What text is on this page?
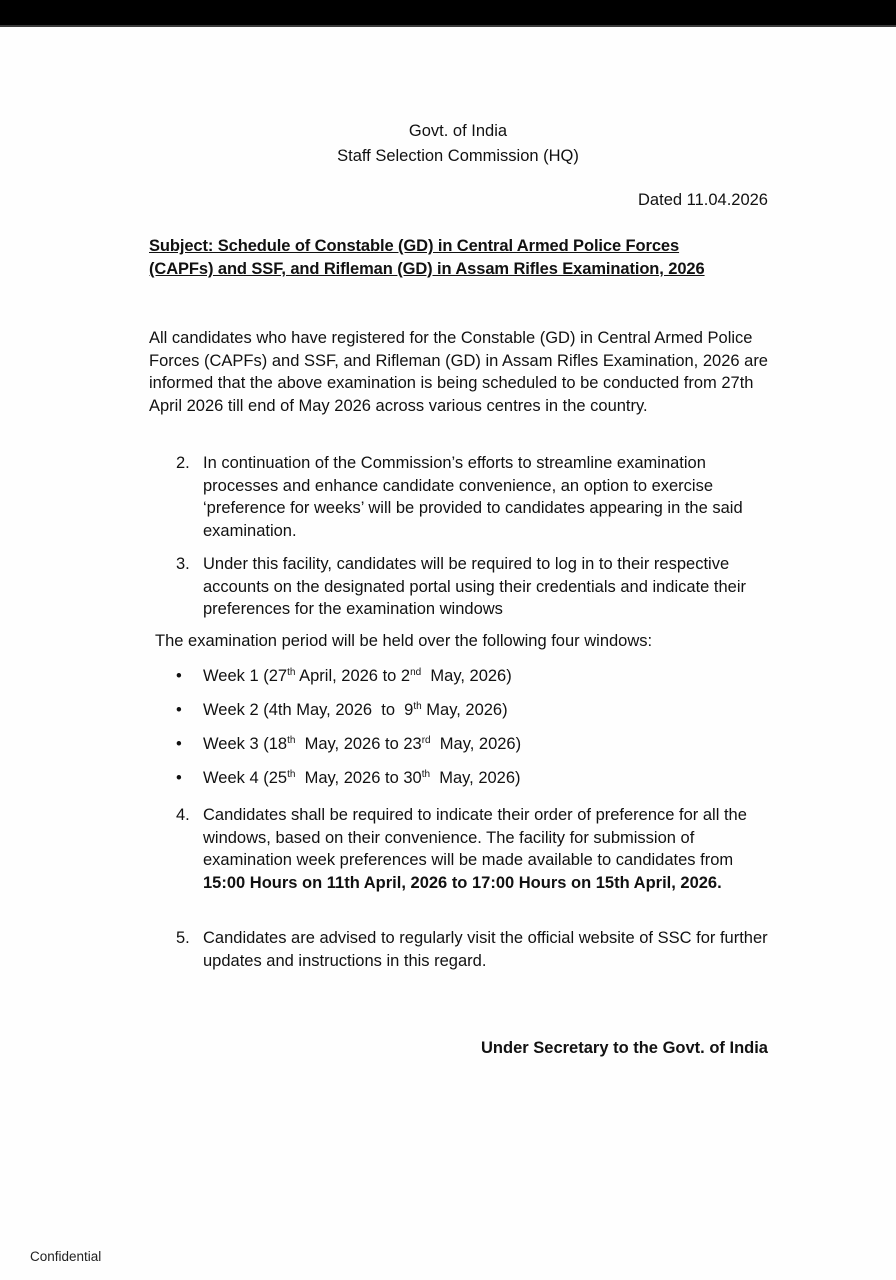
Govt. of India
Staff Selection Commission (HQ)
Dated 11.04.2026
Subject: Schedule of Constable (GD) in Central Armed Police Forces
(CAPFs) and SSF, and Rifleman (GD) in Assam Rifles Examination, 2026
All candidates who have registered for the Constable (GD) in Central Armed Police Forces (CAPFs) and SSF, and Rifleman (GD) in Assam Rifles Examination, 2026 are informed that the above examination is being scheduled to be conducted from 27th April 2026 till end of May 2026 across various centres in the country.
2. In continuation of the Commission’s efforts to streamline examination processes and enhance candidate convenience, an option to exercise ‘preference for weeks’ will be provided to candidates appearing in the said examination.
3. Under this facility, candidates will be required to log in to their respective accounts on the designated portal using their credentials and indicate their preferences for the examination windows
The examination period will be held over the following four windows:
• Week 1 (27th April, 2026 to 2nd  May, 2026)
• Week 2 (4th May, 2026  to  9th May, 2026)
• Week 3 (18th  May, 2026 to 23rd  May, 2026)
• Week 4 (25th  May, 2026 to 30th  May, 2026)
4. Candidates shall be required to indicate their order of preference for all the windows, based on their convenience. The facility for submission of examination week preferences will be made available to candidates from 15:00 Hours on 11th April, 2026 to 17:00 Hours on 15th April, 2026.
5. Candidates are advised to regularly visit the official website of SSC for further updates and instructions in this regard.
Under Secretary to the Govt. of India
Confidential
